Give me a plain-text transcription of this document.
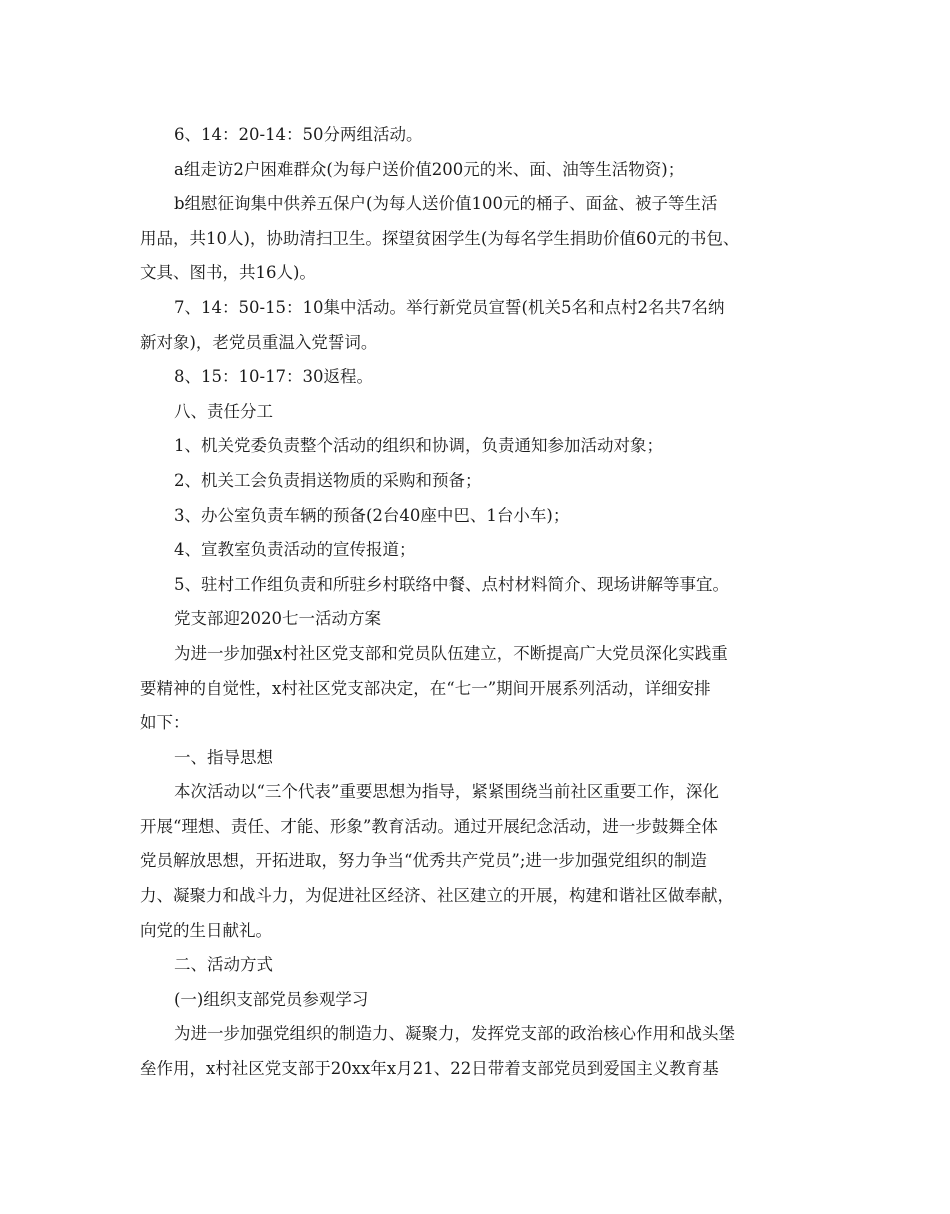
6、14：20-14：50分两组活动。
a组走访2户困难群众(为每户送价值200元的米、面、油等生活物资)；
b组慰征询集中供养五保户(为每人送价值100元的桶子、面盆、被子等生活
用品，共10人)，协助清扫卫生。探望贫困学生(为每名学生捐助价值60元的书包、
文具、图书，共16人)。
7、14：50-15：10集中活动。举行新党员宣誓(机关5名和点村2名共7名纳
新对象)，老党员重温入党誓词。
8、15：10-17：30返程。
八、责任分工
1、机关党委负责整个活动的组织和协调，负责通知参加活动对象；
2、机关工会负责捐送物质的采购和预备；
3、办公室负责车辆的预备(2台40座中巴、1台小车)；
4、宣教室负责活动的宣传报道；
5、驻村工作组负责和所驻乡村联络中餐、点村材料简介、现场讲解等事宜。
党支部迎2020七一活动方案
为进一步加强x村社区党支部和党员队伍建立，不断提高广大党员深化实践重
要精神的自觉性，x村社区党支部决定，在“七一”期间开展系列活动，详细安排
如下：
一、指导思想
本次活动以“三个代表”重要思想为指导，紧紧围绕当前社区重要工作，深化
开展“理想、责任、才能、形象”教育活动。通过开展纪念活动，进一步鼓舞全体
党员解放思想，开拓进取，努力争当“优秀共产党员”;进一步加强党组织的制造
力、凝聚力和战斗力，为促进社区经济、社区建立的开展，构建和谐社区做奉献，
向党的生日献礼。
二、活动方式
(一)组织支部党员参观学习
为进一步加强党组织的制造力、凝聚力，发挥党支部的政治核心作用和战头堡
垒作用，x村社区党支部于20xx年x月21、22日带着支部党员到爱国主义教育基
